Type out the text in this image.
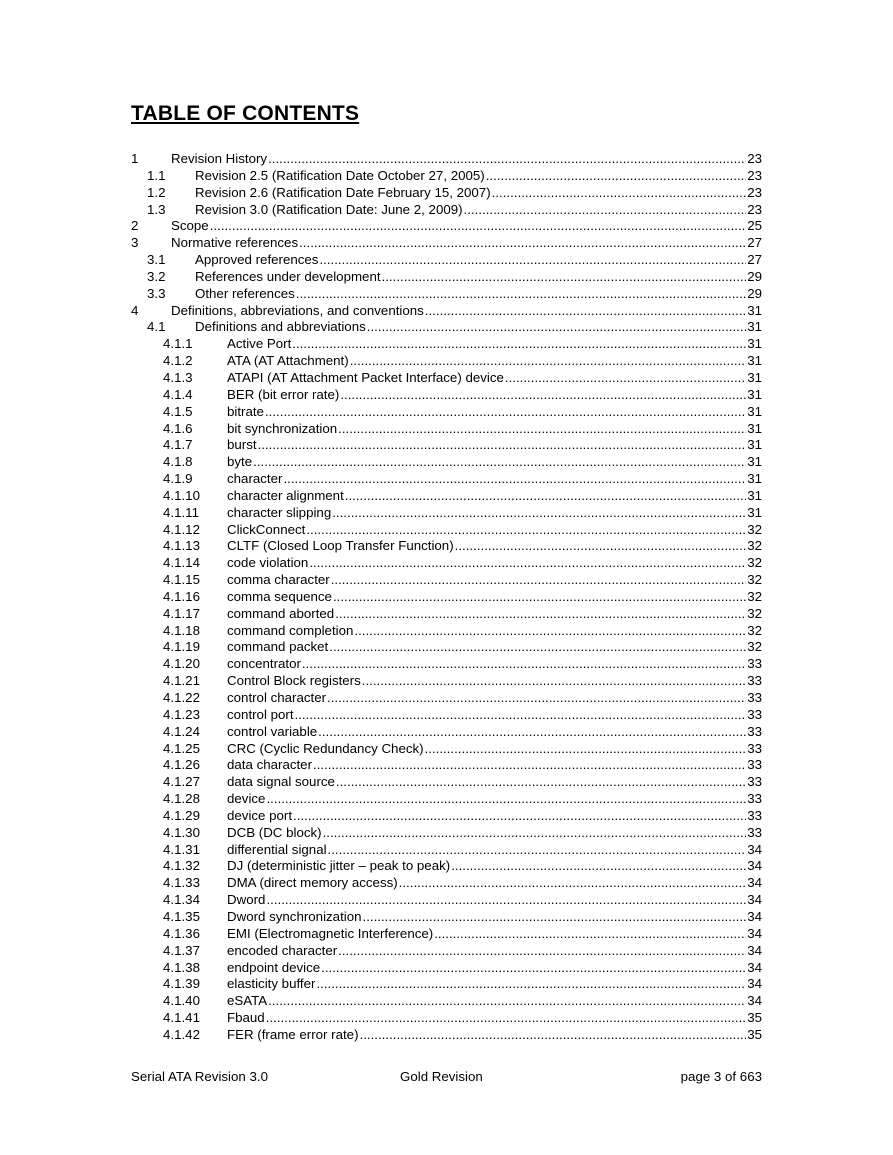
TABLE OF CONTENTS
1 Revision History .....	23
1.1 Revision 2.5 (Ratification Date October 27, 2005) .....	23
1.2 Revision 2.6 (Ratification Date February 15, 2007) .....	23
1.3 Revision 3.0 (Ratification Date: June 2, 2009) .....	23
2 Scope .....	25
3 Normative references .....	27
3.1 Approved references .....	27
3.2 References under development .....	29
3.3 Other references .....	29
4 Definitions, abbreviations, and conventions .....	31
4.1 Definitions and abbreviations .....	31
4.1.1	Active Port .....	31
4.1.2	ATA (AT Attachment) .....	31
4.1.3	ATAPI (AT Attachment Packet Interface) device .....	31
4.1.4	BER (bit error rate) .....	31
4.1.5	bitrate .....	31
4.1.6	bit synchronization .....	31
4.1.7	burst .....	31
4.1.8	byte .....	31
4.1.9	character .....	31
4.1.10 character alignment .....	31
4.1.11 character slipping .....	31
4.1.12 ClickConnect .....	32
4.1.13 CLTF (Closed Loop Transfer Function) .....	32
4.1.14 code violation .....	32
4.1.15 comma character .....	32
4.1.16 comma sequence .....	32
4.1.17 command aborted .....	32
4.1.18 command completion .....	32
4.1.19 command packet .....	32
4.1.20 concentrator .....	33
4.1.21 Control Block registers .....	33
4.1.22 control character .....	33
4.1.23 control port .....	33
4.1.24 control variable .....	33
4.1.25 CRC (Cyclic Redundancy Check) .....	33
4.1.26 data character .....	33
4.1.27 data signal source .....	33
4.1.28 device .....	33
4.1.29 device port .....	33
4.1.30 DCB (DC block) .....	33
4.1.31 differential signal .....	34
4.1.32 DJ (deterministic jitter – peak to peak) .....	34
4.1.33 DMA (direct memory access) .....	34
4.1.34 Dword .....	34
4.1.35 Dword synchronization .....	34
4.1.36 EMI (Electromagnetic Interference) .....	34
4.1.37 encoded character .....	34
4.1.38 endpoint device .....	34
4.1.39 elasticity buffer .....	34
4.1.40 eSATA .....	34
4.1.41 Fbaud .....	35
4.1.42 FER (frame error rate) .....	35
Serial ATA Revision 3.0	Gold Revision	page 3 of 663
